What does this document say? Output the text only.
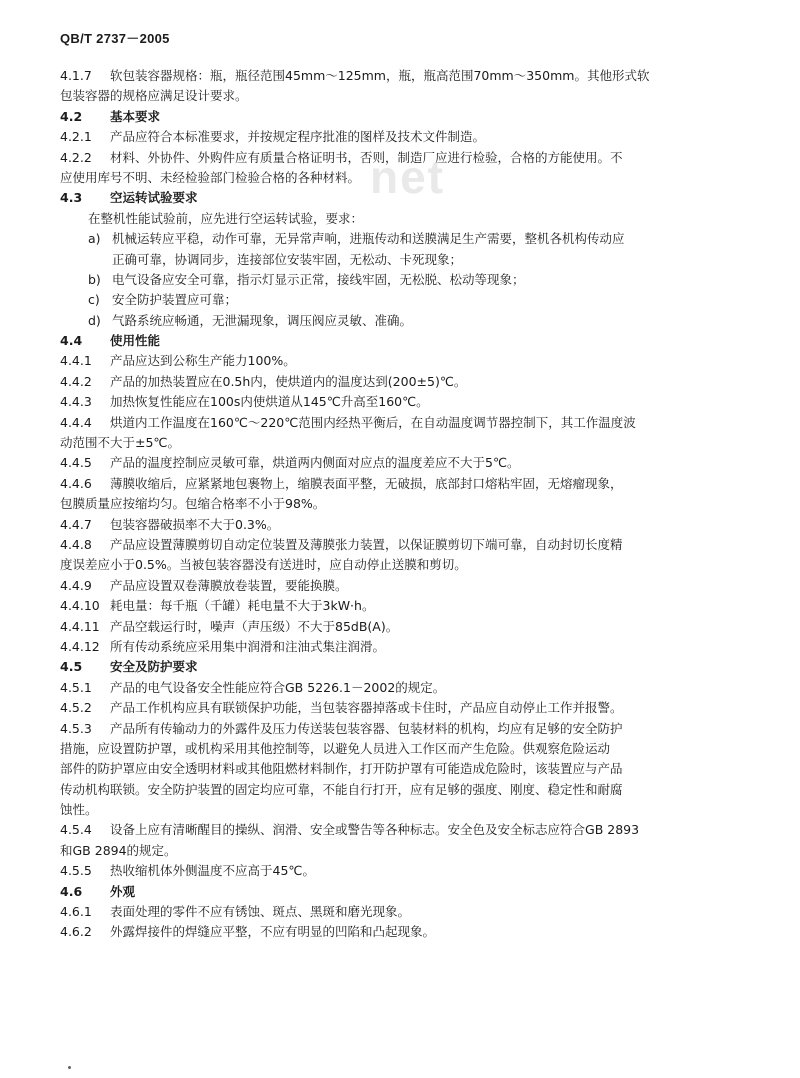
QB/T 2737－2005
net
4.1.7 软包装容器规格：瓶，瓶径范围45mm～125mm，瓶，瓶高范围70mm～350mm。其他形式软
包装容器的规格应满足设计要求。
4.2 基本要求
4.2.1 产品应符合本标准要求，并按规定程序批准的图样及技术文件制造。
4.2.2 材料、外协件、外购件应有质量合格证明书，否则，制造厂应进行检验，合格的方能使用。不
应使用库号不明、未经检验部门检验合格的各种材料。
4.3 空运转试验要求
在整机性能试验前，应先进行空运转试验，要求：
a) 机械运转应平稳，动作可靠，无异常声响，进瓶传动和送膜满足生产需要，整机各机构传动应
正确可靠，协调同步，连接部位安装牢固，无松动、卡死现象；
b) 电气设备应安全可靠，指示灯显示正常，接线牢固，无松脱、松动等现象；
c) 安全防护装置应可靠；
d) 气路系统应畅通，无泄漏现象，调压阀应灵敏、准确。
4.4 使用性能
4.4.1 产品应达到公称生产能力100%。
4.4.2 产品的加热装置应在0.5h内，使烘道内的温度达到(200±5)℃。
4.4.3 加热恢复性能应在100s内使烘道从145℃升高至160℃。
4.4.4 烘道内工作温度在160℃～220℃范围内经热平衡后，在自动温度调节器控制下，其工作温度波
动范围不大于±5℃。
4.4.5 产品的温度控制应灵敏可靠，烘道两内侧面对应点的温度差应不大于5℃。
4.4.6 薄膜收缩后，应紧紧地包裹物上，缩膜表面平整，无破损，底部封口熔粘牢固，无熔瘤现象，
包膜质量应按缩均匀。包缩合格率不小于98%。
4.4.7 包装容器破损率不大于0.3%。
4.4.8 产品应设置薄膜剪切自动定位装置及薄膜张力装置，以保证膜剪切下端可靠，自动封切长度精
度误差应小于0.5%。当被包装容器没有送进时，应自动停止送膜和剪切。
4.4.9 产品应设置双卷薄膜放卷装置，要能换膜。
4.4.10 耗电量：每千瓶（千罐）耗电量不大于3kW·h。
4.4.11 产品空载运行时，噪声（声压级）不大于85dB(A)。
4.4.12 所有传动系统应采用集中润滑和注油式集注润滑。
4.5 安全及防护要求
4.5.1 产品的电气设备安全性能应符合GB 5226.1－2002的规定。
4.5.2 产品工作机构应具有联锁保护功能，当包装容器掉落或卡住时，产品应自动停止工作并报警。
4.5.3 产品所有传输动力的外露件及压力传送装包装容器、包装材料的机构，均应有足够的安全防护
措施，应设置防护罩，或机构采用其他控制等，以避免人员进入工作区而产生危险。供观察危险运动
部件的防护罩应由安全透明材料或其他阻燃材料制作，打开防护罩有可能造成危险时，该装置应与产品
传动机构联锁。安全防护装置的固定均应可靠，不能自行打开，应有足够的强度、刚度、稳定性和耐腐
蚀性。
4.5.4 设备上应有清晰醒目的操纵、润滑、安全或警告等各种标志。安全色及安全标志应符合GB 2893
和GB 2894的规定。
4.5.5 热收缩机体外侧温度不应高于45℃。
4.6 外观
4.6.1 表面处理的零件不应有锈蚀、斑点、黑斑和磨光现象。
4.6.2 外露焊接件的焊缝应平整，不应有明显的凹陷和凸起现象。
